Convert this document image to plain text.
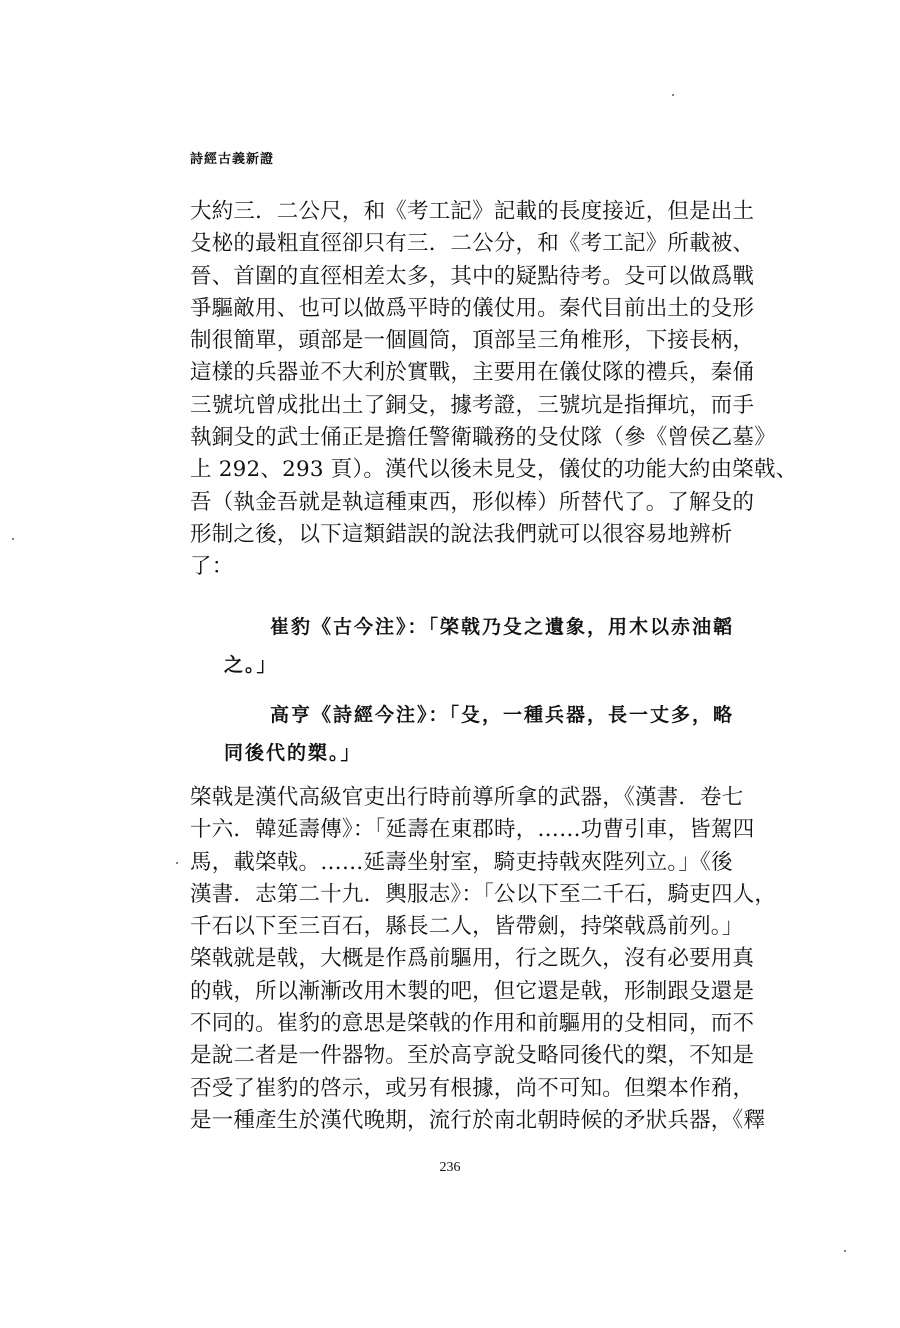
詩經古義新證
大約三．二公尺，和《考工記》記載的長度接近，但是出土
殳柲的最粗直徑卻只有三．二公分，和《考工記》所載被、
晉、首圍的直徑相差太多，其中的疑點待考。殳可以做爲戰
爭驅敵用、也可以做爲平時的儀仗用。秦代目前出土的殳形
制很簡單，頭部是一個圓筒，頂部呈三角椎形，下接長柄，
這樣的兵器並不大利於實戰，主要用在儀仗隊的禮兵，秦俑
三號坑曾成批出土了銅殳，據考證，三號坑是指揮坑，而手
執銅殳的武士俑正是擔任警衛職務的殳仗隊（參《曾侯乙墓》
上 292、293 頁）。漢代以後未見殳，儀仗的功能大約由棨戟、
吾（執金吾就是執這種東西，形似棒）所替代了。了解殳的
形制之後，以下這類錯誤的說法我們就可以很容易地辨析
了：
崔豹《古今注》：「棨戟乃殳之遺象，用木以赤油韜
之。」
高亨《詩經今注》：「殳，一種兵器，長一丈多，略
同後代的槊。」
棨戟是漢代高級官吏出行時前導所拿的武器，《漢書．卷七
十六．韓延壽傳》：「延壽在東郡時，……功曹引車，皆駕四
馬，載棨戟。……延壽坐射室，騎吏持戟夾陛列立。」《後
漢書．志第二十九．輿服志》：「公以下至二千石，騎吏四人，
千石以下至三百石，縣長二人，皆帶劍，持棨戟爲前列。」
棨戟就是戟，大概是作爲前驅用，行之既久，沒有必要用真
的戟，所以漸漸改用木製的吧，但它還是戟，形制跟殳還是
不同的。崔豹的意思是棨戟的作用和前驅用的殳相同，而不
是說二者是一件器物。至於高亨說殳略同後代的槊，不知是
否受了崔豹的啓示，或另有根據，尚不可知。但槊本作矟，
是一種產生於漢代晚期，流行於南北朝時候的矛狀兵器，《釋
236
